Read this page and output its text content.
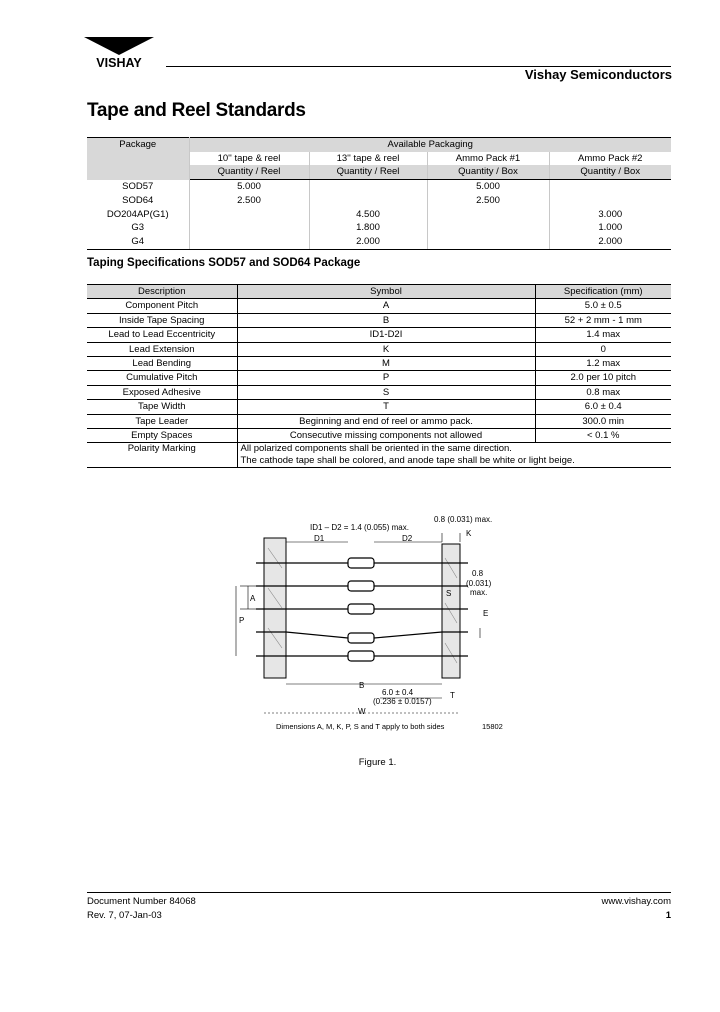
VISHAY
Vishay Semiconductors
Tape and Reel Standards
Package	Available Packaging			
	10'' tape & reel	13'' tape & reel	Ammo Pack #1	Ammo Pack #2
	Quantity / Reel	Quantity / Reel	Quantity / Box	Quantity / Box
SOD57	5.000		5.000	
SOD64	2.500		2.500	
DO204AP(G1)		4.500		3.000
G3		1.800		1.000
G4		2.000		2.000
Taping Specifications SOD57 and SOD64 Package
Description	Symbol	Specification (mm)
Component Pitch	A	5.0 ± 0.5
Inside Tape Spacing	B	52 + 2 mm - 1 mm
Lead to Lead Eccentricity	ID1-D2I	1.4 max
Lead Extension	K	0
Lead Bending	M	1.2 max
Cumulative Pitch	P	2.0 per 10 pitch
Exposed Adhesive	S	0.8 max
Tape Width	T	6.0 ± 0.4
Tape Leader	Beginning and end of reel or ammo pack.	300.0 min
Empty Spaces	Consecutive missing components not allowed	< 0.1 %
Polarity Marking	All polarized components shall be oriented in the same direction.
The cathode tape shall be colored, and anode tape shall be white or light beige.	
ID1 – D2 = 1.4 (0.055) max.
0.8 (0.031) max.
K
D1	D2
0.8
(0.031)
max.
S
A
P
E
B
6.0 ± 0.4
(0.236 ± 0.0157)
T
W
Dimensions A, M, K, P, S and T apply to both sides	15802
Figure 1.
Document Number 84068
Rev. 7, 07-Jan-03
www.vishay.com
1
